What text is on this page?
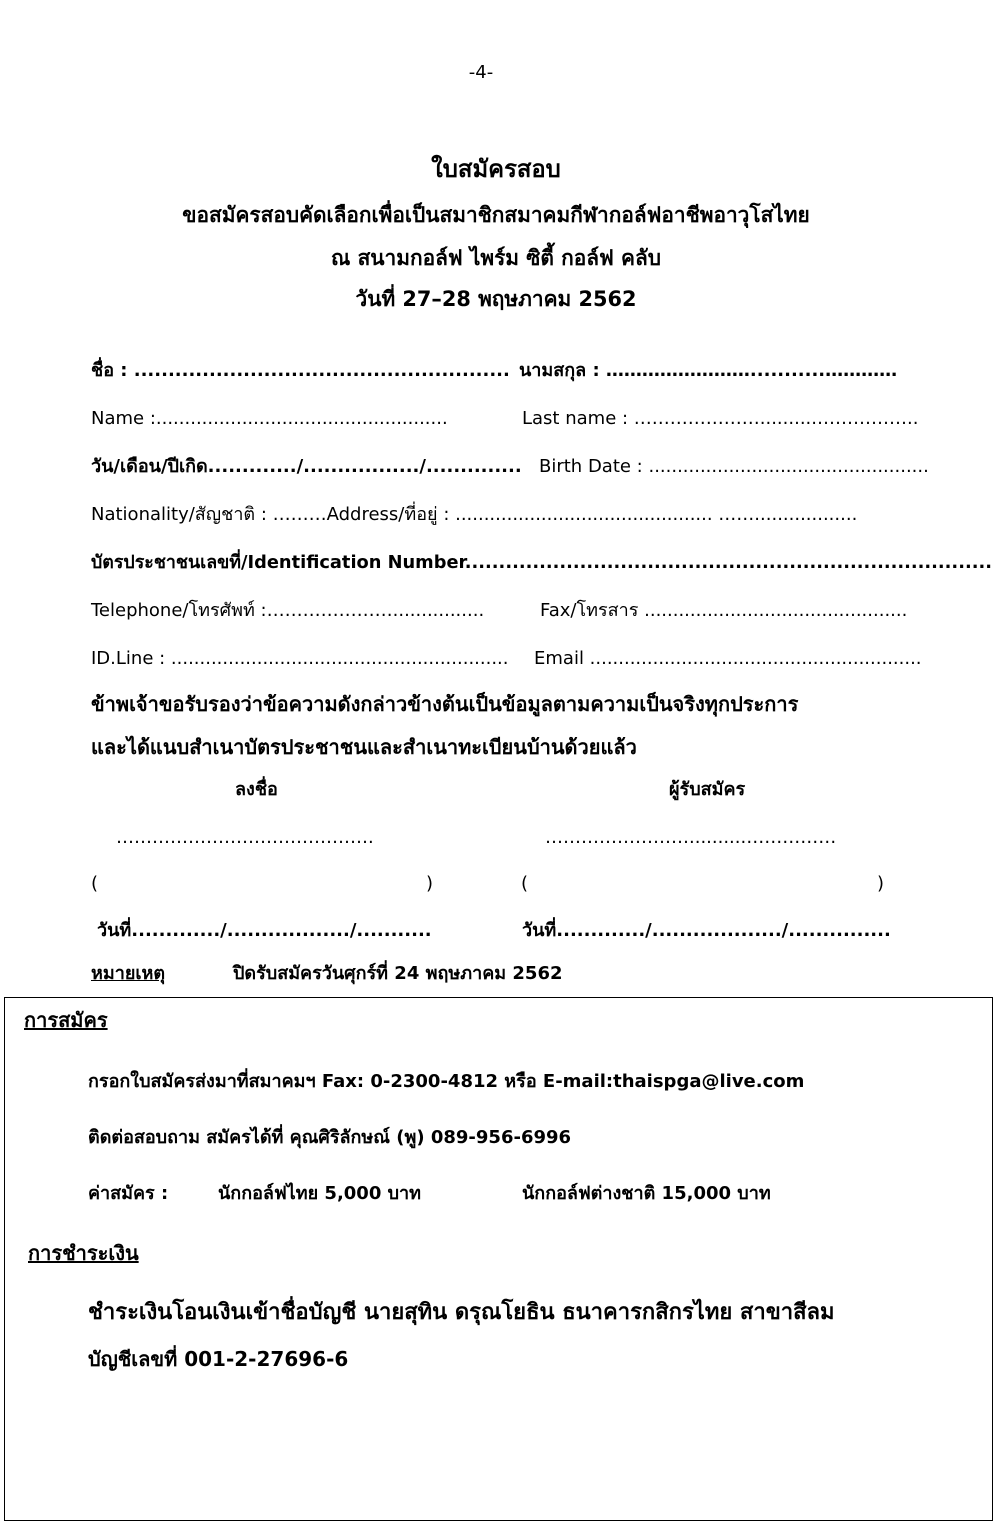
-4-
ใบสมัครสอบ
ขอสมัครสอบคัดเลือกเพื่อเป็นสมาชิกสมาคมกีฬากอล์ฟอาชีพอาวุโสไทย
ณ สนามกอล์ฟ ไพร์ม ซิตี้ กอล์ฟ คลับ
วันที่ 27–28 พฤษภาคม 2562
ชื่อ : ....................................................... นามสกุล : ……………………...........…………
Name :...................................................	Last name : …………………..........……………..
วัน/เดือน/ปีเกิด............./................./.............. Birth Date : .................................................
Nationality/สัญชาติ : ………Address/ที่อยู่ : ............................................. ……..................
บัตรประชาชนเลขที่/Identification Number..............................................................................
Telephone/โทรศัพท์ :…………………................	Fax/โทรสาร ..............................................
ID.Line : ........................................................... Email ..........................................................
ข้าพเจ้าขอรับรองว่าข้อความดังกล่าวข้างต้นเป็นข้อมูลตามความเป็นจริงทุกประการ
และได้แนบสำเนาบัตรประชาชนและสำเนาทะเบียนบ้านด้วยแล้ว
ลงชื่อ	ผู้รับสมัคร
…………………………………….	……………………..........……………
(	)	(	)
วันที่............./................../...........	วันที่............./.................../...............
หมายเหตุ	ปิดรับสมัครวันศุกร์ที่ 24 พฤษภาคม 2562
การสมัคร
กรอกใบสมัครส่งมาที่สมาคมฯ Fax: 0-2300-4812 หรือ E-mail:thaispga@live.com
ติดต่อสอบถาม สมัครได้ที่ คุณศิริลักษณ์ (พู) 089-956-6996
ค่าสมัคร :	นักกอล์ฟไทย 5,000 บาท	นักกอล์ฟต่างชาติ 15,000 บาท
การชำระเงิน
ชำระเงินโอนเงินเข้าชื่อบัญชี นายสุทิน ดรุณโยธิน ธนาคารกสิกรไทย สาขาสีลม
บัญชีเลขที่ 001-2-27696-6
